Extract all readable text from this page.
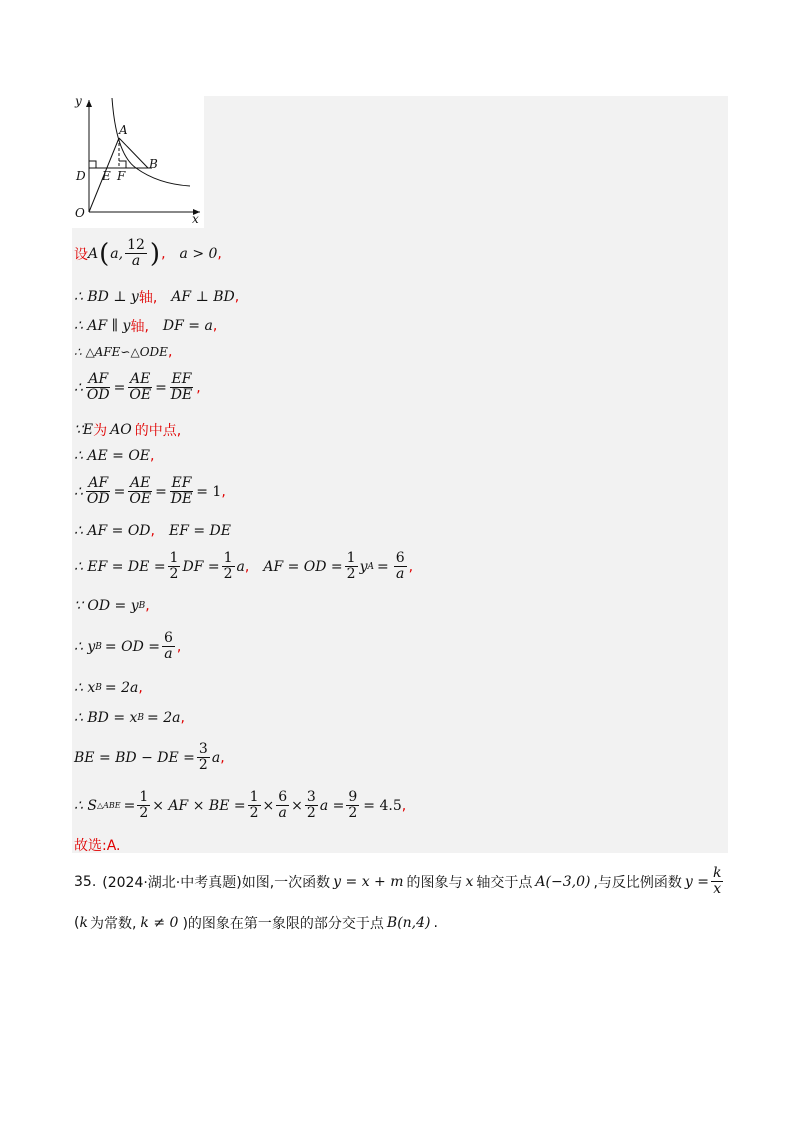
y
x
A
B
D E F
O
设 A ( a, $\frac{12}{a}$ ) , a > 0 ,
∴ BD ⊥ y 轴, AF ⊥ BD ,
∴ AF ∥ y 轴, DF = a ,
∴ △AFE∽△ODE ,
∴ $\frac{AF}{OD} = \frac{AE}{OE} = \frac{EF}{DE}$ ,
∵E 为 AO 的中点,
∴ AE = OE ,
∴ $\frac{AF}{OD} = \frac{AE}{OE} = \frac{EF}{DE} = 1$ ,
∴ AF = OD , EF = DE
∴ EF = DE = $\frac{1}{2}$ DF = $\frac{1}{2}$ a , AF = OD = $\frac{1}{2}$ y $A = \frac{6}{a}$ ,
∵ OD = y B ,
∴ y B = OD = $\frac{6}{a}$ ,
∴ x B = 2a ,
∴ BD = x B = 2a ,
BE = BD − DE = $\frac{3}{2}$ a ,
∴ S △ABE = $\frac{1}{2}$ × AF × BE = $\frac{1}{2} \times \frac{6}{a} \times \frac{3}{2}$ $a = \frac{9}{2} = 4.5$ ,
故选:A.
35. (2024·湖北·中考真题)如图,一次函数 y = x + m 的图象与 x 轴交于点 A(−3,0) ,与反比例函数 $y = \frac{k}{x}$
( k 为常数, k ≠ 0 )的图象在第一象限的部分交于点 B(n,4) .
